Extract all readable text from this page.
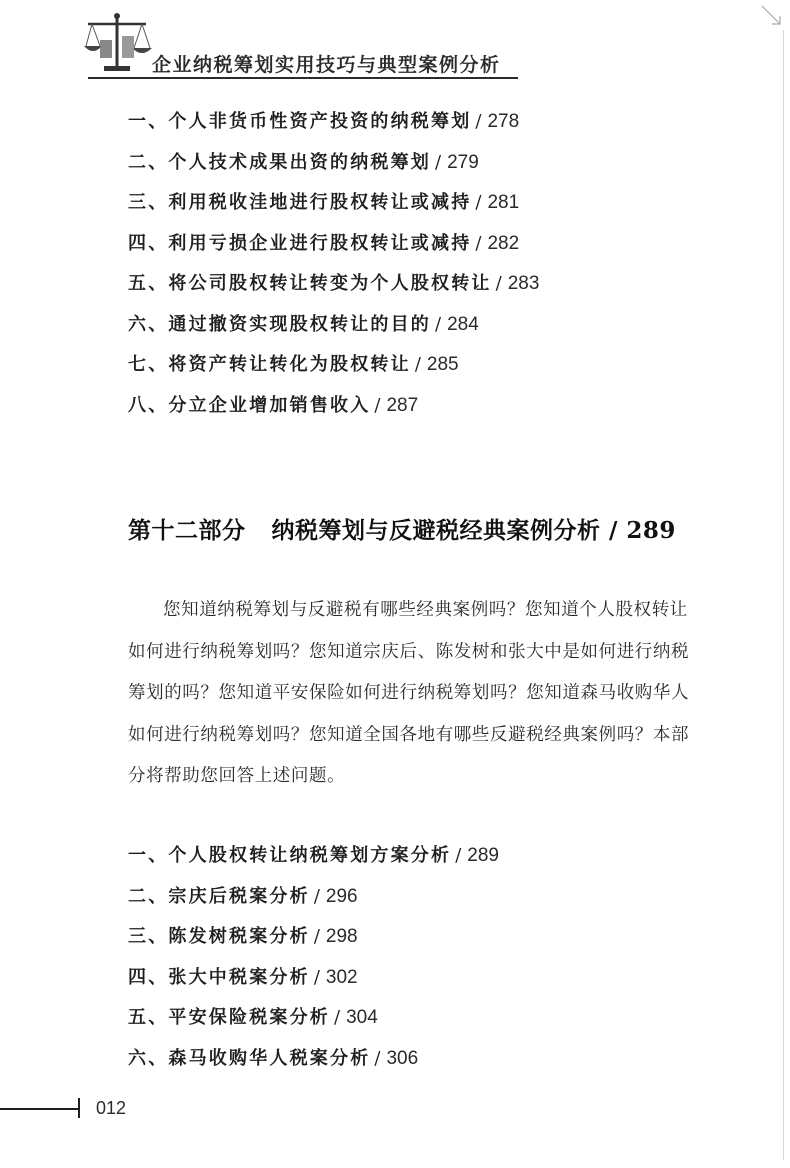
企业纳税筹划实用技巧与典型案例分析
一、个人非货币性资产投资的纳税筹划 / 278
二、个人技术成果出资的纳税筹划 / 279
三、利用税收洼地进行股权转让或减持 / 281
四、利用亏损企业进行股权转让或减持 / 282
五、将公司股权转让转变为个人股权转让 / 283
六、通过撤资实现股权转让的目的 / 284
七、将资产转让转化为股权转让 / 285
八、分立企业增加销售收入 / 287
第十二部分 纳税筹划与反避税经典案例分析 / 289

您知道纳税筹划与反避税有哪些经典案例吗？您知道个人股权转让如何进行纳税筹划吗？您知道宗庆后、陈发树和张大中是如何进行纳税筹划的吗？您知道平安保险如何进行纳税筹划吗？您知道森马收购华人如何进行纳税筹划吗？您知道全国各地有哪些反避税经典案例吗？本部分将帮助您回答上述问题。

一、个人股权转让纳税筹划方案分析 / 289
二、宗庆后税案分析 / 296
三、陈发树税案分析 / 298
四、张大中税案分析 / 302
五、平安保险税案分析 / 304
六、森马收购华人税案分析 / 306
012
